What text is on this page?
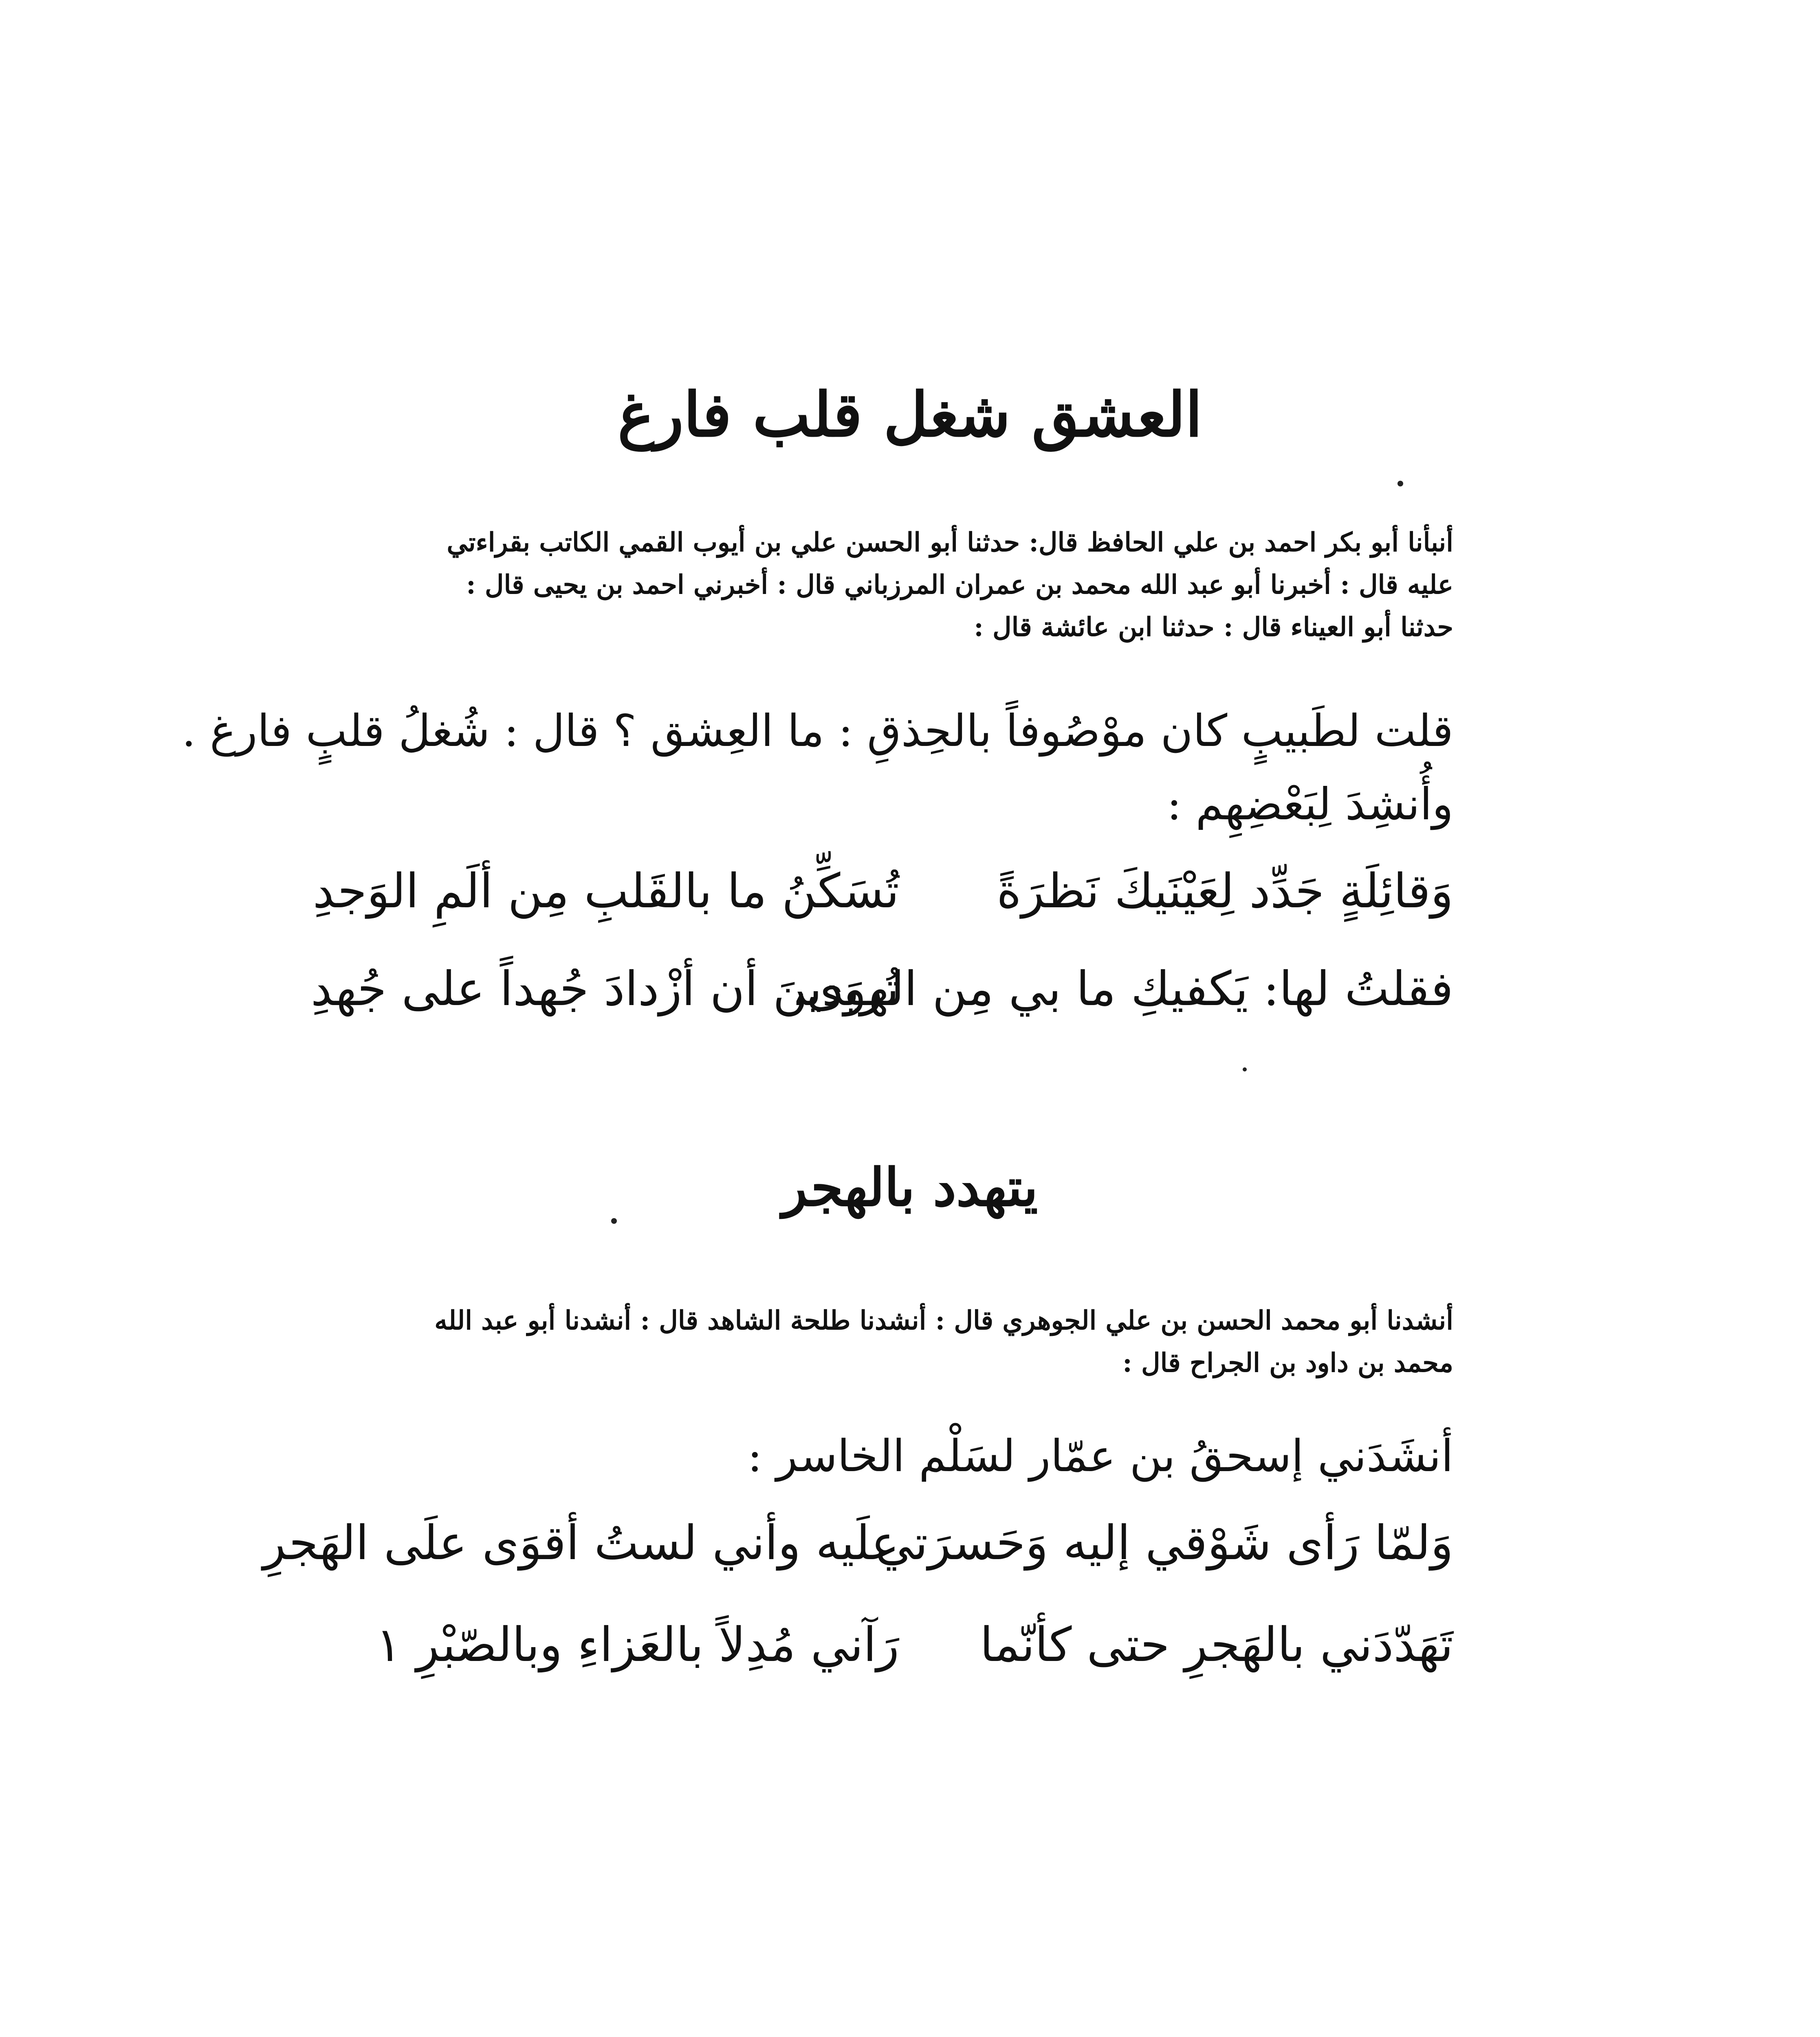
العشق شغل قلب فارغ
أنبأنا أبو بكر احمد بن علي الحافظ قال: حدثنا أبو الحسن علي بن أيوب القمي الكاتب بقراءتي
عليه قال : أخبرنا أبو عبد الله محمد بن عمران المرزباني قال : أخبرني احمد بن يحيى قال :
حدثنا أبو العيناء قال : حدثنا ابن عائشة قال :
قلت لطَبيبٍ كان موْصُوفاً بالحِذقِ : ما العِشق ؟ قال : شُغلُ قلبٍ فارغ .
وأُنشِدَ لِبَعْضِهِم :
وَقائِلَةٍ جَدِّد لِعَيْنَيكَ نَظرَةً
تُسَكِّنُ ما بالقَلبِ مِن ألَمِ الوَجدِ
فقلتُ لها: يَكفيكِ ما بي مِن الهوَى،
تُريدينَ أن أزْدادَ جُهداً على جُهدِ
يتهدد بالهجر
أنشدنا أبو محمد الحسن بن علي الجوهري قال : أنشدنا طلحة الشاهد قال : أنشدنا أبو عبد الله
محمد بن داود بن الجراح قال :
أنشَدَني إسحقُ بن عمّار لسَلْم الخاسر :
وَلمّا رَأى شَوْقي إليه وَحَسرَتي
علَيه وأني لستُ أقوَى علَى الهَجرِ
تَهَدّدَني بالهَجرِ حتى كأنّما
رَآني مُدِلاً بالعَزاءِ وبالصّبْرِ ١
